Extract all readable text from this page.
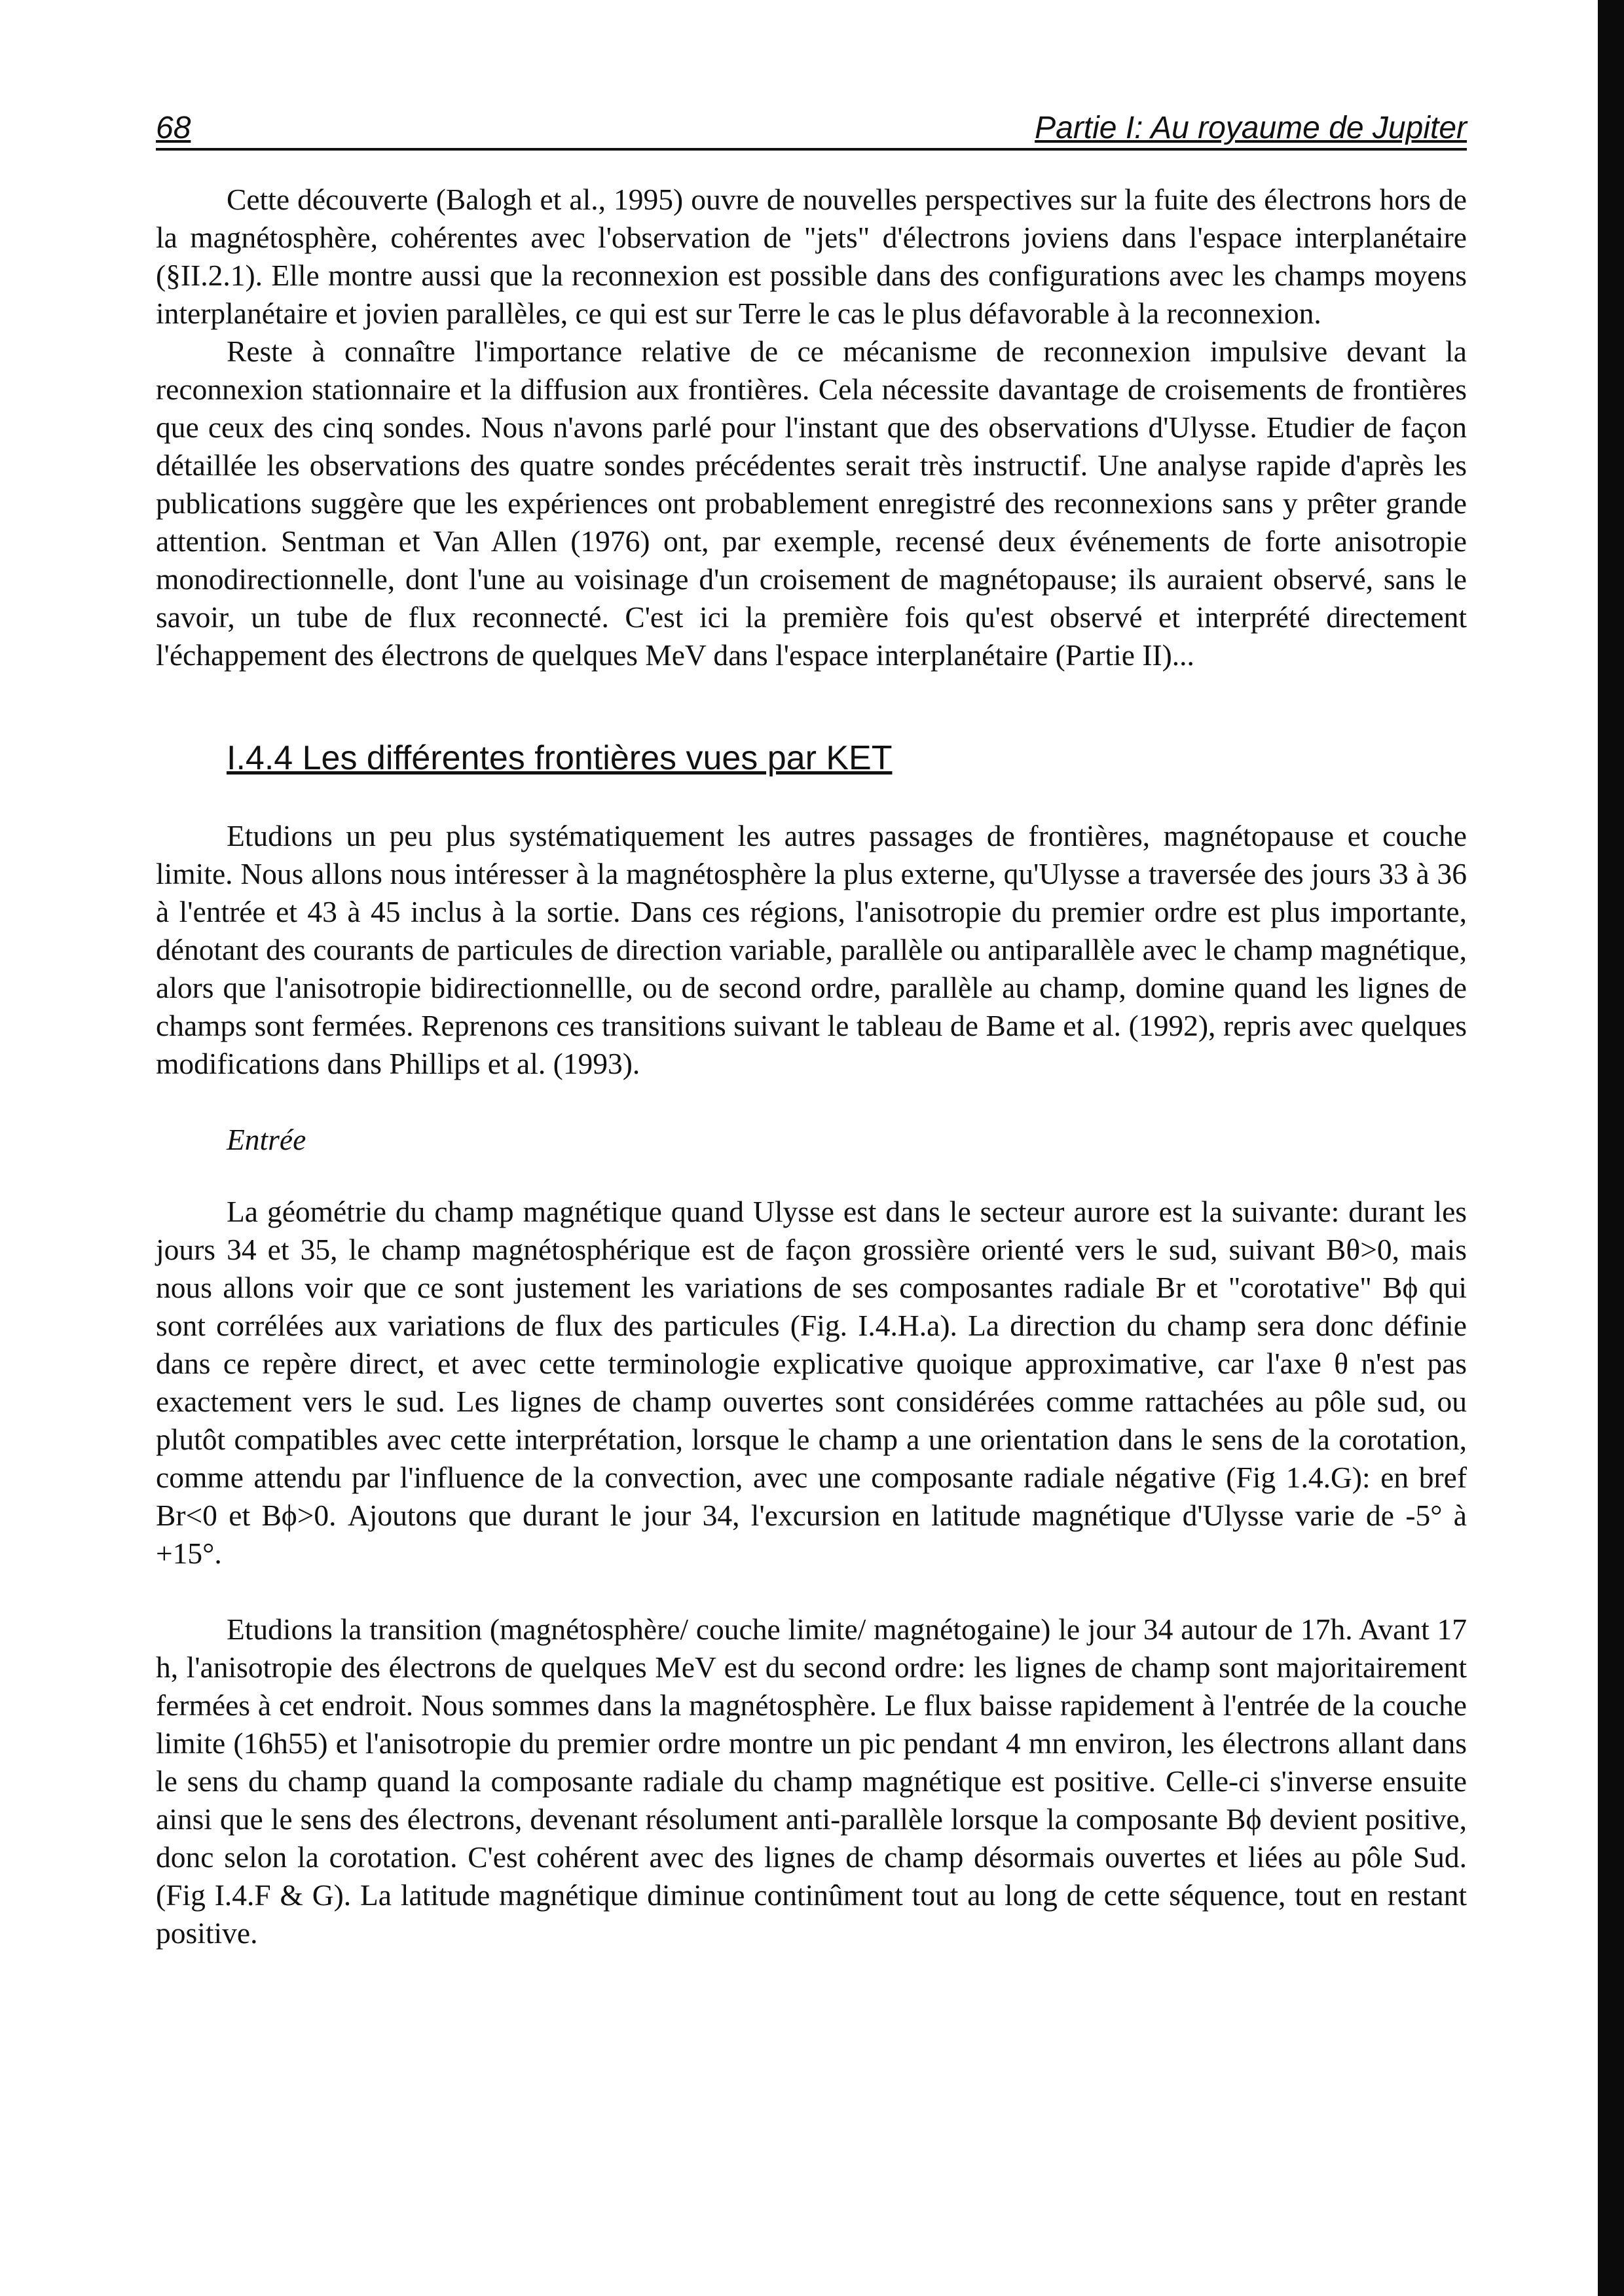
68	Partie I: Au royaume de Jupiter

Cette découverte (Balogh et al., 1995) ouvre de nouvelles perspectives sur la fuite des électrons hors de la magnétosphère, cohérentes avec l'observation de "jets" d'électrons joviens dans l'espace interplanétaire (§II.2.1). Elle montre aussi que la reconnexion est possible dans des configurations avec les champs moyens interplanétaire et jovien parallèles, ce qui est sur Terre le cas le plus défavorable à la reconnexion.

Reste à connaître l'importance relative de ce mécanisme de reconnexion impulsive devant la reconnexion stationnaire et la diffusion aux frontières. Cela nécessite davantage de croisements de frontières que ceux des cinq sondes. Nous n'avons parlé pour l'instant que des observations d'Ulysse. Etudier de façon détaillée les observations des quatre sondes précédentes serait très instructif. Une analyse rapide d'après les publications suggère que les expériences ont probablement enregistré des reconnexions sans y prêter grande attention. Sentman et Van Allen (1976) ont, par exemple, recensé deux événements de forte anisotropie monodirectionnelle, dont l'une au voisinage d'un croisement de magnétopause; ils auraient observé, sans le savoir, un tube de flux reconnecté. C'est ici la première fois qu'est observé et interprété directement l'échappement des électrons de quelques MeV dans l'espace interplanétaire (Partie II)...

I.4.4 Les différentes frontières vues par KET

Etudions un peu plus systématiquement les autres passages de frontières, magnétopause et couche limite. Nous allons nous intéresser à la magnétosphère la plus externe, qu'Ulysse a traversée des jours 33 à 36 à l'entrée et 43 à 45 inclus à la sortie. Dans ces régions, l'anisotropie du premier ordre est plus importante, dénotant des courants de particules de direction variable, parallèle ou antiparallèle avec le champ magnétique, alors que l'anisotropie bidirectionnellle, ou de second ordre, parallèle au champ, domine quand les lignes de champs sont fermées. Reprenons ces transitions suivant le tableau de Bame et al. (1992), repris avec quelques modifications dans Phillips et al. (1993).

Entrée

La géométrie du champ magnétique quand Ulysse est dans le secteur aurore est la suivante: durant les jours 34 et 35, le champ magnétosphérique est de façon grossière orienté vers le sud, suivant Bθ>0, mais nous allons voir que ce sont justement les variations de ses composantes radiale Br et "corotative" Bϕ qui sont corrélées aux variations de flux des particules (Fig. I.4.H.a). La direction du champ sera donc définie dans ce repère direct, et avec cette terminologie explicative quoique approximative, car l'axe θ n'est pas exactement vers le sud. Les lignes de champ ouvertes sont considérées comme rattachées au pôle sud, ou plutôt compatibles avec cette interprétation, lorsque le champ a une orientation dans le sens de la corotation, comme attendu par l'influence de la convection, avec une composante radiale négative (Fig 1.4.G): en bref Br<0 et Bϕ>0. Ajoutons que durant le jour 34, l'excursion en latitude magnétique d'Ulysse varie de -5° à +15°.

Etudions la transition (magnétosphère/ couche limite/ magnétogaine) le jour 34 autour de 17h. Avant 17 h, l'anisotropie des électrons de quelques MeV est du second ordre: les lignes de champ sont majoritairement fermées à cet endroit. Nous sommes dans la magnétosphère. Le flux baisse rapidement à l'entrée de la couche limite (16h55) et l'anisotropie du premier ordre montre un pic pendant 4 mn environ, les électrons allant dans le sens du champ quand la composante radiale du champ magnétique est positive. Celle-ci s'inverse ensuite ainsi que le sens des électrons, devenant résolument anti-parallèle lorsque la composante Bϕ devient positive, donc selon la corotation. C'est cohérent avec des lignes de champ désormais ouvertes et liées au pôle Sud. (Fig I.4.F & G). La latitude magnétique diminue continûment tout au long de cette séquence, tout en restant positive.
